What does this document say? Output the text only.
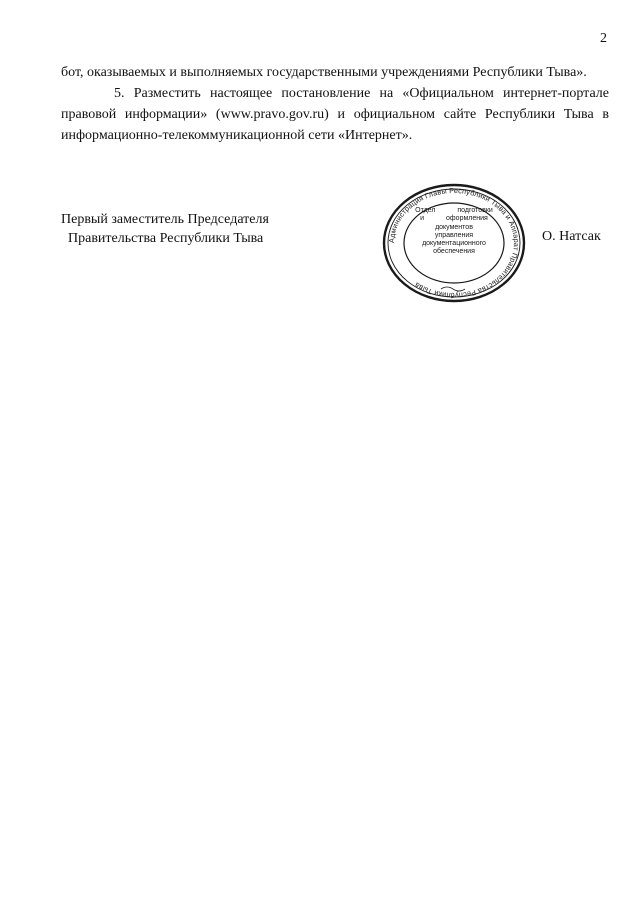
2

бот, оказываемых и выполняемых государственными учреждениями Республики Тыва».

5. Разместить настоящее постановление на «Официальном интернет-портале правовой информации» (www.pravo.gov.ru) и официальном сайте Республики Тыва в информационно-телекоммуникационной сети «Интернет».

Первый заместитель Председателя
Правительства Республики Тыва	Администрация Главы Республики Тыва и Аппарат Правительства Республики Тыва
Отдел подготовки и оформления документов управления документационного обеспечения
О. Натсак
